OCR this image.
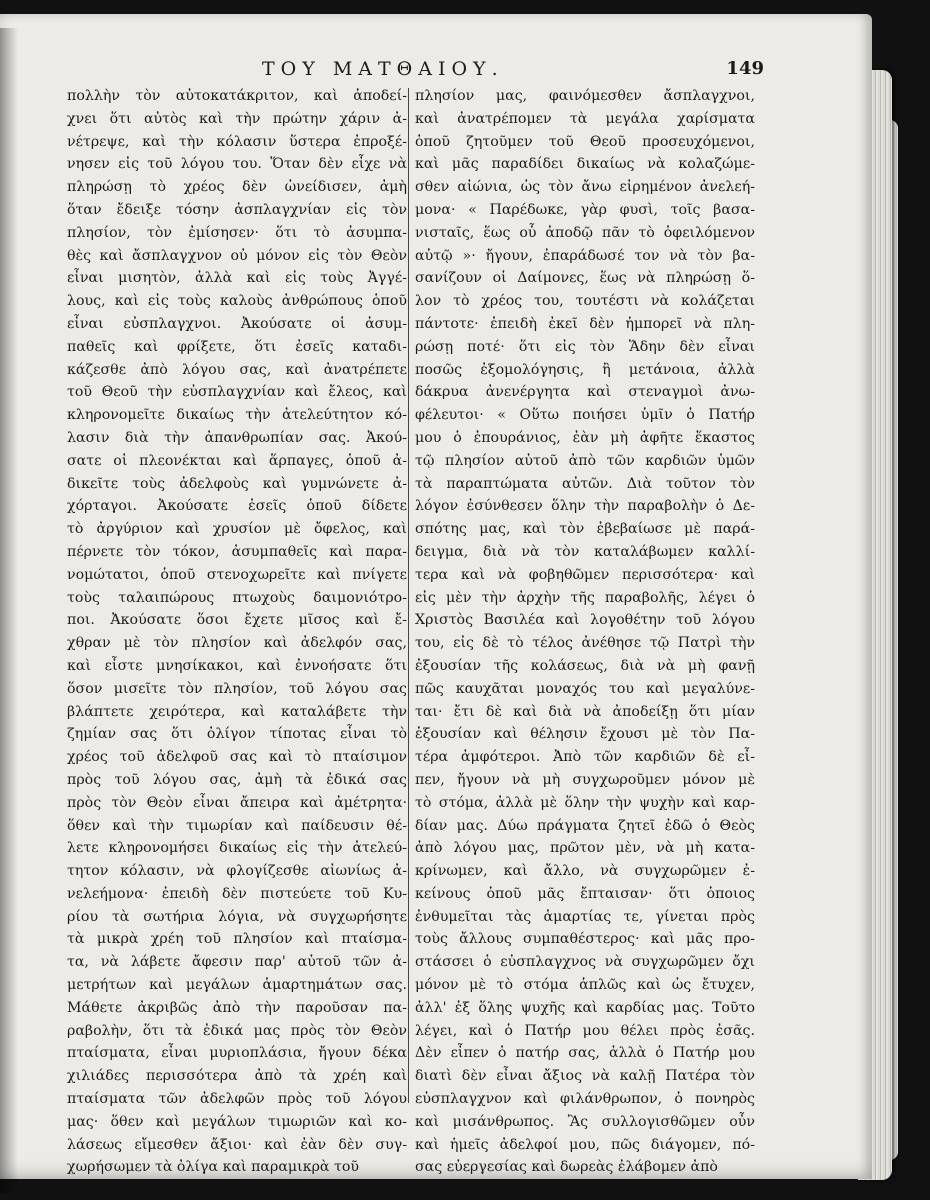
ΤΟΥ ΜΑΤΘΑΙΟΥ.	149
πολλὴν τὸν αὐτοκατάκριτον, καὶ ἀποδεί-
χνει ὅτι αὐτὸς καὶ τὴν πρώτην χάριν ἀ-
νέτρεψε, καὶ τὴν κόλασιν ὕστερα ἐπροξέ-
νησεν εἰς τοῦ λόγου του. Ὅταν δὲν εἶχε νὰ
πληρώσῃ τὸ χρέος δὲν ὠνείδισεν, ἀμὴ
ὅταν ἔδειξε τόσην ἀσπλαγχνίαν εἰς τὸν
πλησίον, τὸν ἐμίσησεν· ὅτι τὸ ἀσυμπα-
θὲς καὶ ἄσπλαγχνον οὐ μόνον εἰς τὸν Θεὸν
εἶναι μισητὸν, ἀλλὰ καὶ εἰς τοὺς Ἀγγέ-
λους, καὶ εἰς τοὺς καλοὺς ἀνθρώπους ὁποῦ
εἶναι εὐσπλαγχνοι. Ἀκούσατε οἱ ἀσυμ-
παθεῖς καὶ φρίξετε, ὅτι ἐσεῖς καταδι-
κάζεσθε ἀπὸ λόγου σας, καὶ ἀνατρέπετε
τοῦ Θεοῦ τὴν εὐσπλαγχνίαν καὶ ἔλεος, καὶ
κληρονομεῖτε δικαίως τὴν ἀτελεύτητον κό-
λασιν διὰ τὴν ἀπανθρωπίαν σας. Ἀκού-
σατε οἱ πλεονέκται καὶ ἅρπαγες, ὁποῦ ἀ-
δικεῖτε τοὺς ἀδελφοὺς καὶ γυμνώνετε ἀ-
χόρταγοι. Ἀκούσατε ἐσεῖς ὁποῦ δίδετε
τὸ ἀργύριον καὶ χρυσίον μὲ ὄφελος, καὶ
πέρνετε τὸν τόκον, ἀσυμπαθεῖς καὶ παρα-
νομώτατοι, ὁποῦ στενοχωρεῖτε καὶ πνίγετε
τοὺς ταλαιπώρους πτωχοὺς δαιμονιότρο-
ποι. Ἀκούσατε ὅσοι ἔχετε μῖσος καὶ ἔ-
χθραν μὲ τὸν πλησίον καὶ ἀδελφόν σας,
καὶ εἶστε μνησίκακοι, καὶ ἐννοήσατε ὅτι
ὅσον μισεῖτε τὸν πλησίον, τοῦ λόγου σας
βλάπτετε χειρότερα, καὶ καταλάβετε τὴν
ζημίαν σας ὅτι ὀλίγον τίποτας εἶναι τὸ
χρέος τοῦ ἀδελφοῦ σας καὶ τὸ πταίσιμον
πρὸς τοῦ λόγου σας, ἀμὴ τὰ ἐδικά σας
πρὸς τὸν Θεὸν εἶναι ἄπειρα καὶ ἀμέτρητα·
ὅθεν καὶ τὴν τιμωρίαν καὶ παίδευσιν θέ-
λετε κληρονομήσει δικαίως εἰς τὴν ἀτελεύ-
τητον κόλασιν, νὰ φλογίζεσθε αἰωνίως ἀ-
νελεήμονα· ἐπειδὴ δὲν πιστεύετε τοῦ Κυ-
ρίου τὰ σωτήρια λόγια, νὰ συγχωρήσητε
τὰ μικρὰ χρέη τοῦ πλησίον καὶ πταίσμα-
τα, νὰ λάβετε ἄφεσιν παρ' αὐτοῦ τῶν ἀ-
μετρήτων καὶ μεγάλων ἁμαρτημάτων σας.
Μάθετε ἀκριβῶς ἀπὸ τὴν παροῦσαν πα-
ραβολὴν, ὅτι τὰ ἐδικά μας πρὸς τὸν Θεὸν
πταίσματα, εἶναι μυριοπλάσια, ἤγουν δέκα
χιλιάδες περισσότερα ἀπὸ τὰ χρέη καὶ
πταίσματα τῶν ἀδελφῶν πρὸς τοῦ λόγου
μας· ὅθεν καὶ μεγάλων τιμωριῶν καὶ κο-
λάσεως εἴμεσθεν ἄξιοι· καὶ ἐὰν δὲν συγ-
χωρήσωμεν τὰ ὀλίγα καὶ παραμικρὰ τοῦ
πλησίον μας, φαινόμεσθεν ἄσπλαγχνοι,
καὶ ἀνατρέπομεν τὰ μεγάλα χαρίσματα
ὁποῦ ζητοῦμεν τοῦ Θεοῦ προσευχόμενοι,
καὶ μᾶς παραδίδει δικαίως νὰ κολαζώμε-
σθεν αἰώνια, ὡς τὸν ἄνω εἰρημένον ἀνελεή-
μονα· « Παρέδωκε, γὰρ φυσὶ, τοῖς βασα-
νισταῖς, ἕως οὗ ἀποδῷ πᾶν τὸ ὀφειλόμενον
αὐτῷ »· ἤγουν, ἐπαράδωσέ τον νὰ τὸν βα-
σανίζουν οἱ Δαίμονες, ἕως νὰ πληρώσῃ ὅ-
λον τὸ χρέος του, τουτέστι νὰ κολάζεται
πάντοτε· ἐπειδὴ ἐκεῖ δὲν ἠμπορεῖ νὰ πλη-
ρώσῃ ποτέ· ὅτι εἰς τὸν Ἅδην δὲν εἶναι
ποσῶς ἐξομολόγησις, ἢ μετάνοια, ἀλλὰ
δάκρυα ἀνενέργητα καὶ στεναγμοὶ ἀνω-
φέλευτοι· « Οὕτω ποιήσει ὑμῖν ὁ Πατήρ
μου ὁ ἐπουράνιος, ἐὰν μὴ ἀφῆτε ἕκαστος
τῷ πλησίον αὐτοῦ ἀπὸ τῶν καρδιῶν ὑμῶν
τὰ παραπτώματα αὐτῶν. Διὰ τοῦτον τὸν
λόγον ἐσύνθεσεν ὅλην τὴν παραβολὴν ὁ Δε-
σπότης μας, καὶ τὸν ἐβεβαίωσε μὲ παρά-
δειγμα, διὰ νὰ τὸν καταλάβωμεν καλλί-
τερα καὶ νὰ φοβηθῶμεν περισσότερα· καὶ
εἰς μὲν τὴν ἀρχὴν τῆς παραβολῆς, λέγει ὁ
Χριστὸς Βασιλέα καὶ λογοθέτην τοῦ λόγου
του, εἰς δὲ τὸ τέλος ἀνέθησε τῷ Πατρὶ τὴν
ἐξουσίαν τῆς κολάσεως, διὰ νὰ μὴ φανῇ
πῶς καυχᾶται μοναχός του καὶ μεγαλύνε-
ται· ἔτι δὲ καὶ διὰ νὰ ἀποδείξῃ ὅτι μίαν
ἐξουσίαν καὶ θέλησιν ἔχουσι μὲ τὸν Πα-
τέρα ἀμφότεροι. Ἀπὸ τῶν καρδιῶν δὲ εἶ-
πεν, ἤγουν νὰ μὴ συγχωροῦμεν μόνον μὲ
τὸ στόμα, ἀλλὰ μὲ ὅλην τὴν ψυχὴν καὶ καρ-
δίαν μας. Δύω πράγματα ζητεῖ ἐδῶ ὁ Θεὸς
ἀπὸ λόγου μας, πρῶτον μὲν, νὰ μὴ κατα-
κρίνωμεν, καὶ ἄλλο, νὰ συγχωρῶμεν ἐ-
κείνους ὁποῦ μᾶς ἔπταισαν· ὅτι ὁποιος
ἐνθυμεῖται τὰς ἁμαρτίας τε, γίνεται πρὸς
τοὺς ἄλλους συμπαθέστερος· καὶ μᾶς προ-
στάσσει ὁ εὐσπλαγχνος νὰ συγχωρῶμεν ὄχι
μόνον μὲ τὸ στόμα ἁπλῶς καὶ ὡς ἔτυχεν,
ἀλλ' ἐξ ὅλης ψυχῆς καὶ καρδίας μας. Τοῦτο
λέγει, καὶ ὁ Πατήρ μου θέλει πρὸς ἐσᾶς.
Δὲν εἶπεν ὁ πατήρ σας, ἀλλὰ ὁ Πατήρ μου
διατὶ δὲν εἶναι ἄξιος νὰ καλῇ Πατέρα τὸν
εὐσπλαγχνον καὶ φιλάνθρωπον, ὁ πονηρὸς
καὶ μισάνθρωπος. Ἂς συλλογισθῶμεν οὖν
καὶ ἡμεῖς ἀδελφοί μου, πῶς διάγομεν, πό-
σας εὐεργεσίας καὶ δωρεὰς ἐλάβομεν ἀπὸ
